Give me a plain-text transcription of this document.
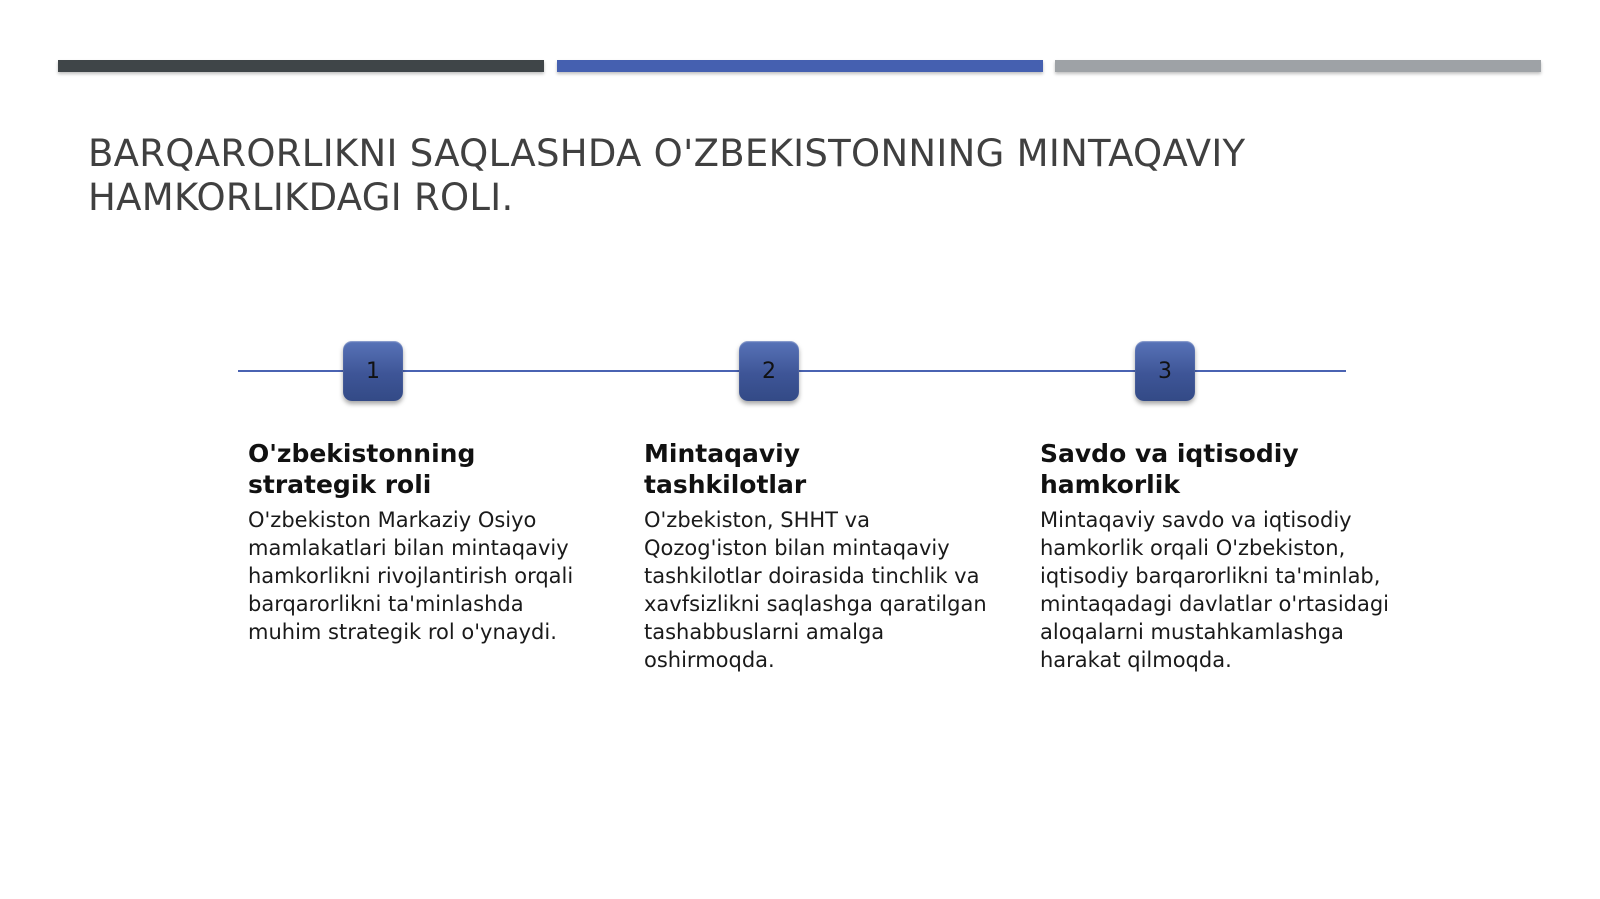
BARQARORLIKNI SAQLASHDA O'ZBEKISTONNING MINTAQAVIY HAMKORLIKDAGI ROLI.
1	2	3
O'zbekistonning strategik roli

O'zbekiston Markaziy Osiyo mamlakatlari bilan mintaqaviy hamkorlikni rivojlantirish orqali barqarorlikni ta'minlashda muhim strategik rol o'ynaydi.

Mintaqaviy tashkilotlar

O'zbekiston, SHHT va Qozog'iston bilan mintaqaviy tashkilotlar doirasida tinchlik va xavfsizlikni saqlashga qaratilgan tashabbuslarni amalga oshirmoqda.

Savdo va iqtisodiy hamkorlik

Mintaqaviy savdo va iqtisodiy hamkorlik orqali O'zbekiston, iqtisodiy barqarorlikni ta'minlab, mintaqadagi davlatlar o'rtasidagi aloqalarni mustahkamlashga harakat qilmoqda.
